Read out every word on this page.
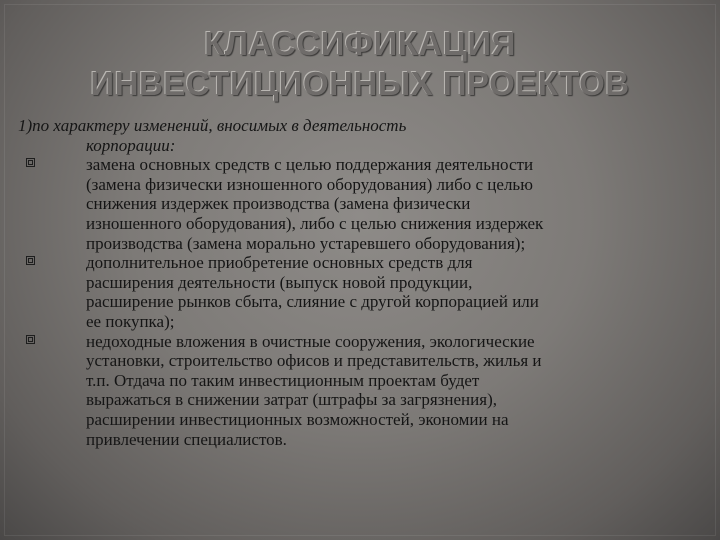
КЛАССИФИКАЦИЯ
ИНВЕСТИЦИОННЫХ ПРОЕКТОВ
1)по характеру изменений, вносимых в деятельность
корпорации:
замена основных средств с целью поддержания деятельности
(замена физически изношенного оборудования) либо с целью
снижения издержек производства (замена физически
изношенного оборудования), либо с целью снижения издержек
производства (замена морально устаревшего оборудования);
дополнительное приобретение основных средств для
расширения деятельности (выпуск новой продукции,
расширение рынков сбыта, слияние с другой корпорацией или
ее покупка);
недоходные вложения в очистные сооружения, экологические
установки, строительство офисов и представительств, жилья и
т.п. Отдача по таким инвестиционным проектам будет
выражаться в снижении затрат (штрафы за загрязнения),
расширении инвестиционных возможностей, экономии на
привлечении специалистов.
